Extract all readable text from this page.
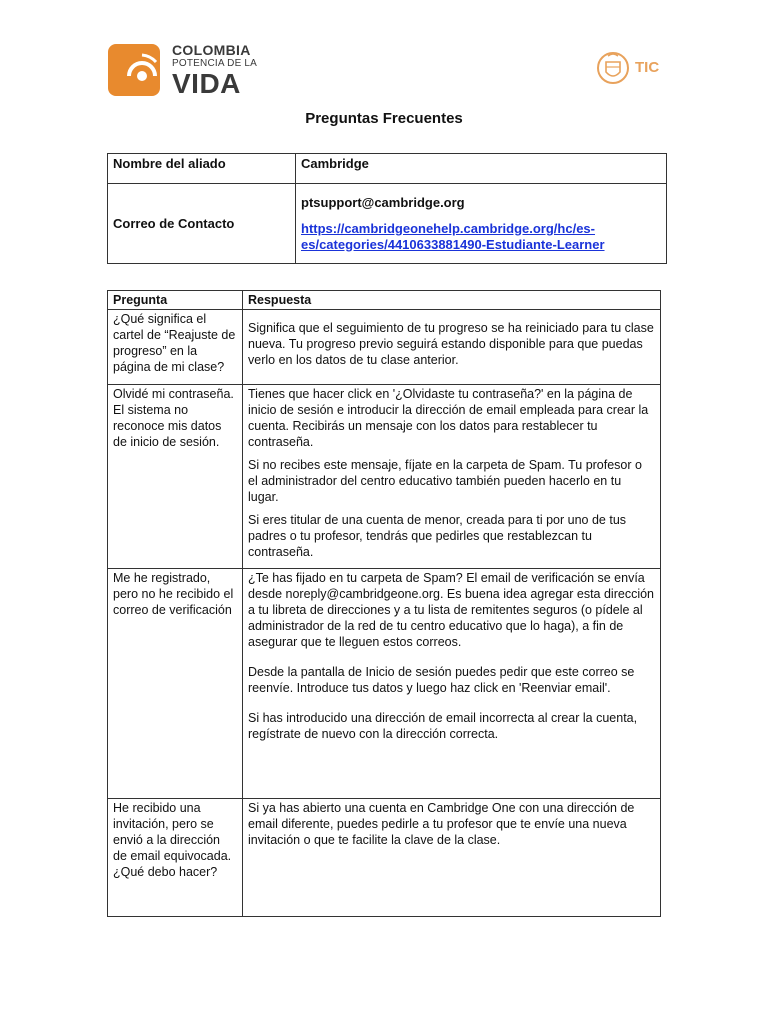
COLOMBIA
POTENCIA DE LA
VIDA
TIC
Preguntas Frecuentes
Nombre del aliado	Cambridge
Correo de Contacto	ptsupport@cambridge.org
https://cambridgeonehelp.cambridge.org/hc/es-
es/categories/4410633881490-Estudiante-Learner
Pregunta	Respuesta
¿Qué significa el cartel de “Reajuste de progreso” en la página de mi clase?	Significa que el seguimiento de tu progreso se ha reiniciado para tu clase nueva. Tu progreso previo seguirá estando disponible para que puedas verlo en los datos de tu clase anterior.

Olvidé mi contraseña. El sistema no reconoce mis datos de inicio de sesión.	Tienes que hacer click en '¿Olvidaste tu contraseña?' en la página de inicio de sesión e introducir la dirección de email empleada para crear la cuenta. Recibirás un mensaje con los datos para restablecer tu contraseña.

Si no recibes este mensaje, fíjate en la carpeta de Spam. Tu profesor o el administrador del centro educativo también pueden hacerlo en tu lugar.

Si eres titular de una cuenta de menor, creada para ti por uno de tus padres o tu profesor, tendrás que pedirles que restablezcan tu contraseña.

Me he registrado, pero no he recibido el correo de verificación	¿Te has fijado en tu carpeta de Spam? El email de verificación se envía desde noreply@cambridgeone.org. Es buena idea agregar esta dirección a tu libreta de direcciones y a tu lista de remitentes seguros (o pídele al administrador de la red de tu centro educativo que lo haga), a fin de asegurar que te lleguen estos correos.

Desde la pantalla de Inicio de sesión puedes pedir que este correo se reenvíe. Introduce tus datos y luego haz click en 'Reenviar email'.

Si has introducido una dirección de email incorrecta al crear la cuenta, regístrate de nuevo con la dirección correcta.

He recibido una invitación, pero se envió a la dirección de email equivocada. ¿Qué debo hacer?	Si ya has abierto una cuenta en Cambridge One con una dirección de email diferente, puedes pedirle a tu profesor que te envíe una nueva invitación o que te facilite la clave de la clase.
